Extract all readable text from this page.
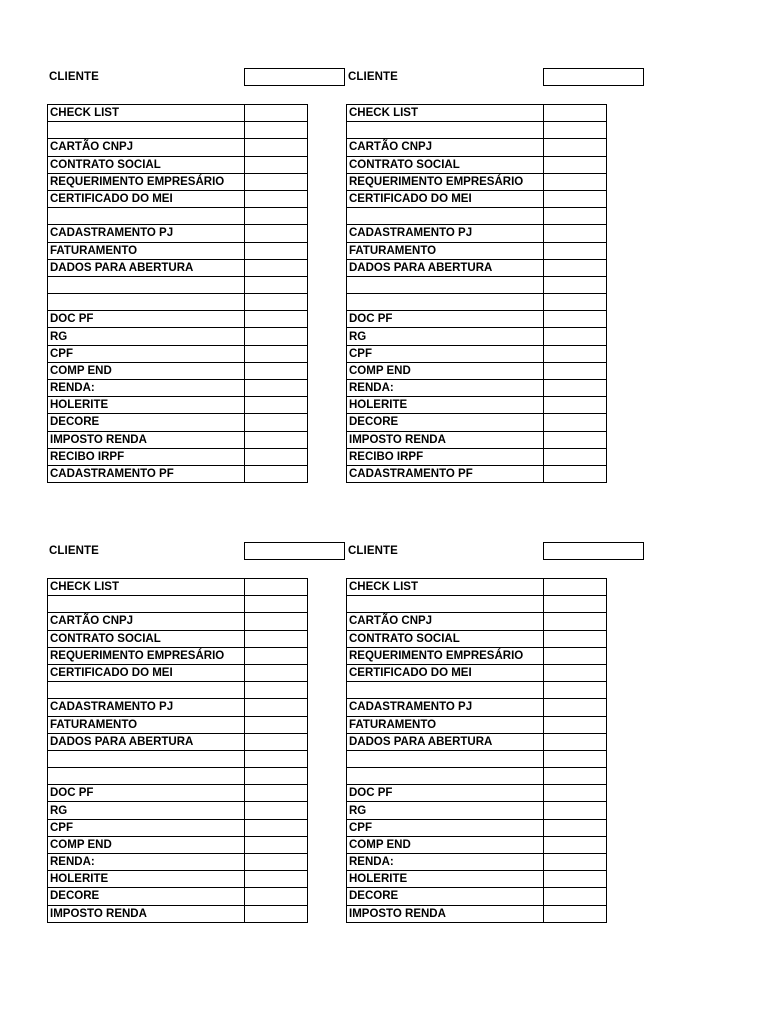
CLIENTE
CHECK LIST	

CARTÃO CNPJ	
CONTRATO SOCIAL	
REQUERIMENTO EMPRESÁRIO	
CERTIFICADO DO MEI	

CADASTRAMENTO PJ	
FATURAMENTO	
DADOS PARA ABERTURA	

DOC PF	
RG	
CPF	
COMP END	
RENDA:	
HOLERITE	
DECORE	
IMPOSTO RENDA	
RECIBO IRPF	
CADASTRAMENTO PF	
CLIENTE
CHECK LIST	

CARTÃO CNPJ	
CONTRATO SOCIAL	
REQUERIMENTO EMPRESÁRIO	
CERTIFICADO DO MEI	

CADASTRAMENTO PJ	
FATURAMENTO	
DADOS PARA ABERTURA	

DOC PF	
RG	
CPF	
COMP END	
RENDA:	
HOLERITE	
DECORE	
IMPOSTO RENDA	
RECIBO IRPF	
CADASTRAMENTO PF	
CLIENTE
CHECK LIST	

CARTÃO CNPJ	
CONTRATO SOCIAL	
REQUERIMENTO EMPRESÁRIO	
CERTIFICADO DO MEI	

CADASTRAMENTO PJ	
FATURAMENTO	
DADOS PARA ABERTURA	

DOC PF	
RG	
CPF	
COMP END	
RENDA:	
HOLERITE	
DECORE	
IMPOSTO RENDA	
CLIENTE
CHECK LIST	

CARTÃO CNPJ	
CONTRATO SOCIAL	
REQUERIMENTO EMPRESÁRIO	
CERTIFICADO DO MEI	

CADASTRAMENTO PJ	
FATURAMENTO	
DADOS PARA ABERTURA	

DOC PF	
RG	
CPF	
COMP END	
RENDA:	
HOLERITE	
DECORE	
IMPOSTO RENDA	
